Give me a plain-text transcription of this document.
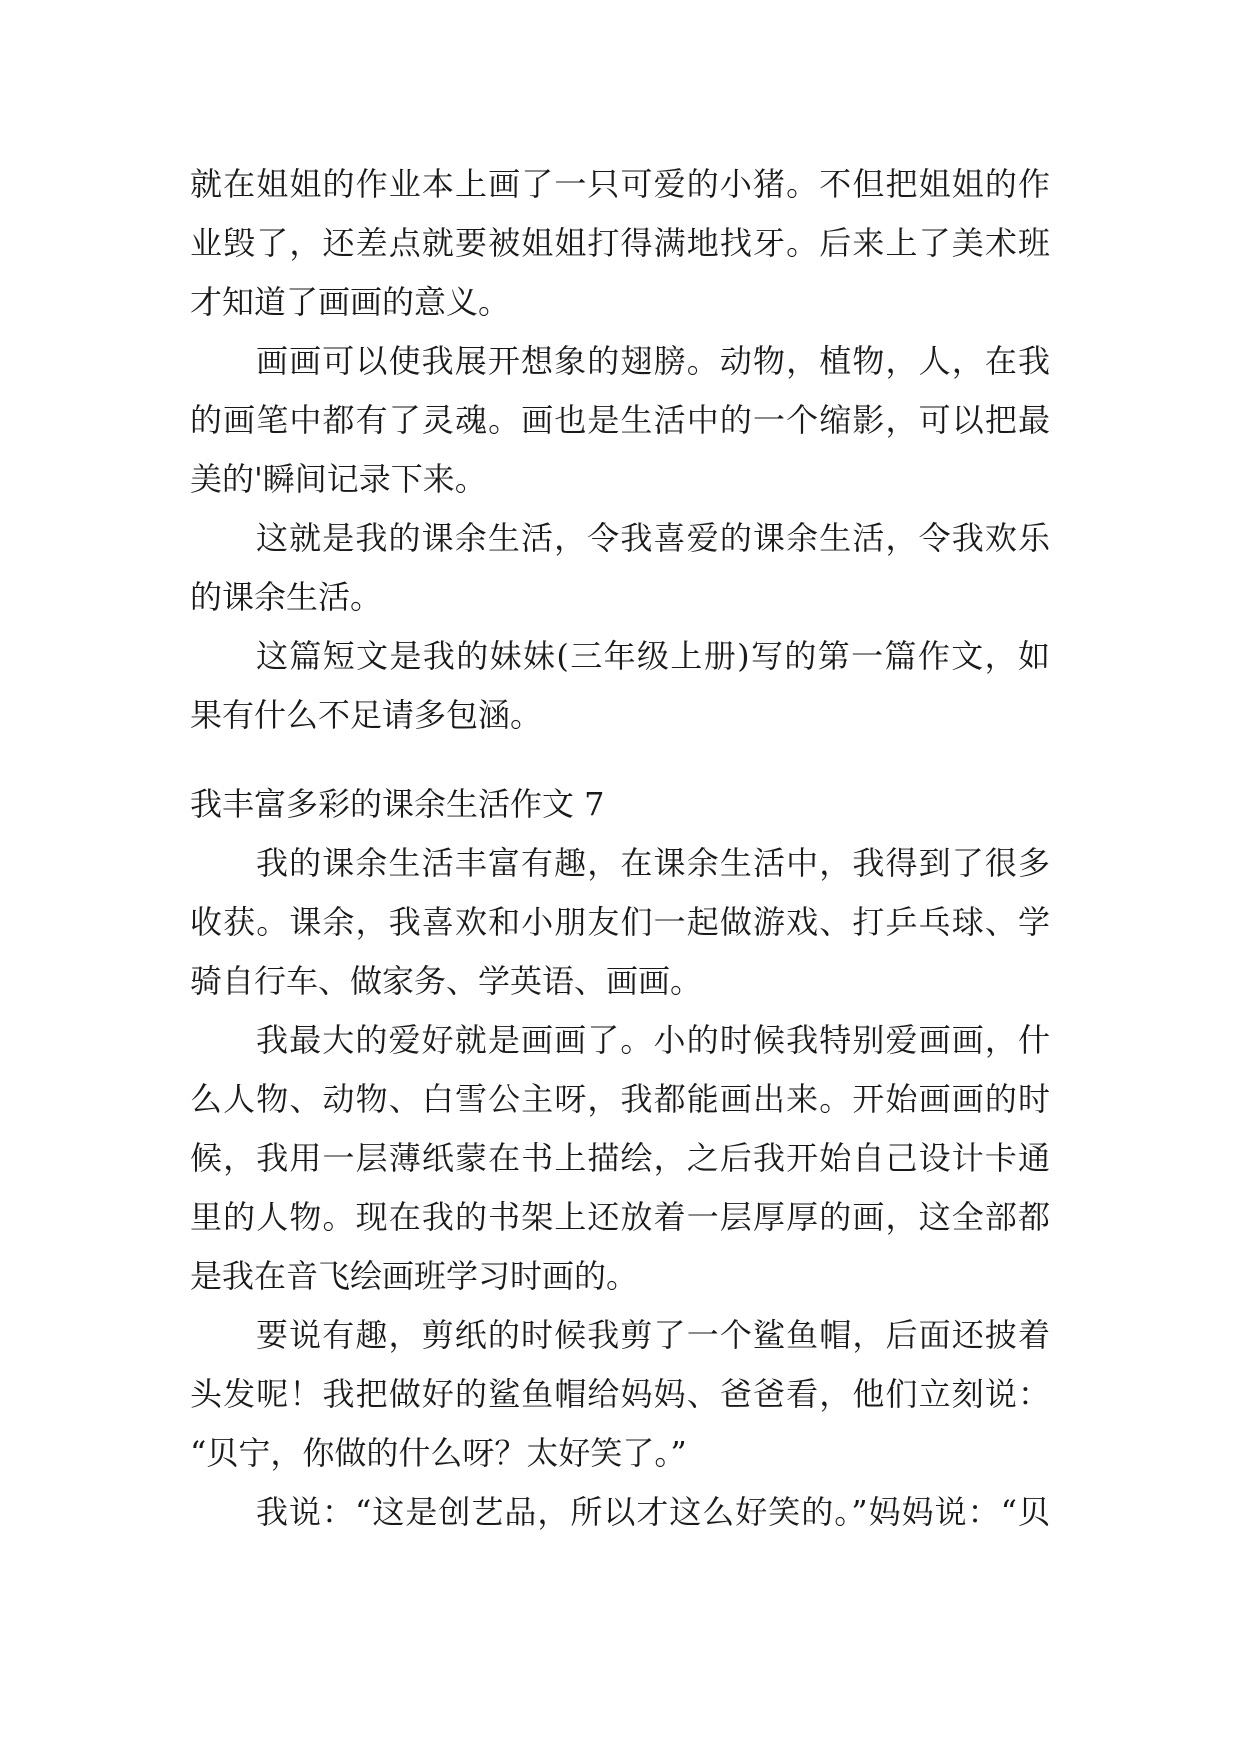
就在姐姐的作业本上画了一只可爱的小猪。不但把姐姐的作
业毁了，还差点就要被姐姐打得满地找牙。后来上了美术班
才知道了画画的意义。
画画可以使我展开想象的翅膀。动物，植物，人，在我
的画笔中都有了灵魂。画也是生活中的一个缩影，可以把最
美的'瞬间记录下来。
这就是我的课余生活，令我喜爱的课余生活，令我欢乐
的课余生活。
这篇短文是我的妹妹(三年级上册)写的第一篇作文，如
果有什么不足请多包涵。
我丰富多彩的课余生活作文 7
我的课余生活丰富有趣，在课余生活中，我得到了很多
收获。课余，我喜欢和小朋友们一起做游戏、打乒乓球、学
骑自行车、做家务、学英语、画画。
我最大的爱好就是画画了。小的时候我特别爱画画，什
么人物、动物、白雪公主呀，我都能画出来。开始画画的时
候，我用一层薄纸蒙在书上描绘，之后我开始自己设计卡通
里的人物。现在我的书架上还放着一层厚厚的画，这全部都
是我在音飞绘画班学习时画的。
要说有趣，剪纸的时候我剪了一个鲨鱼帽，后面还披着
头发呢！我把做好的鲨鱼帽给妈妈、爸爸看，他们立刻说：
“贝宁，你做的什么呀？太好笑了。”
我说：“这是创艺品，所以才这么好笑的。”妈妈说：“贝
